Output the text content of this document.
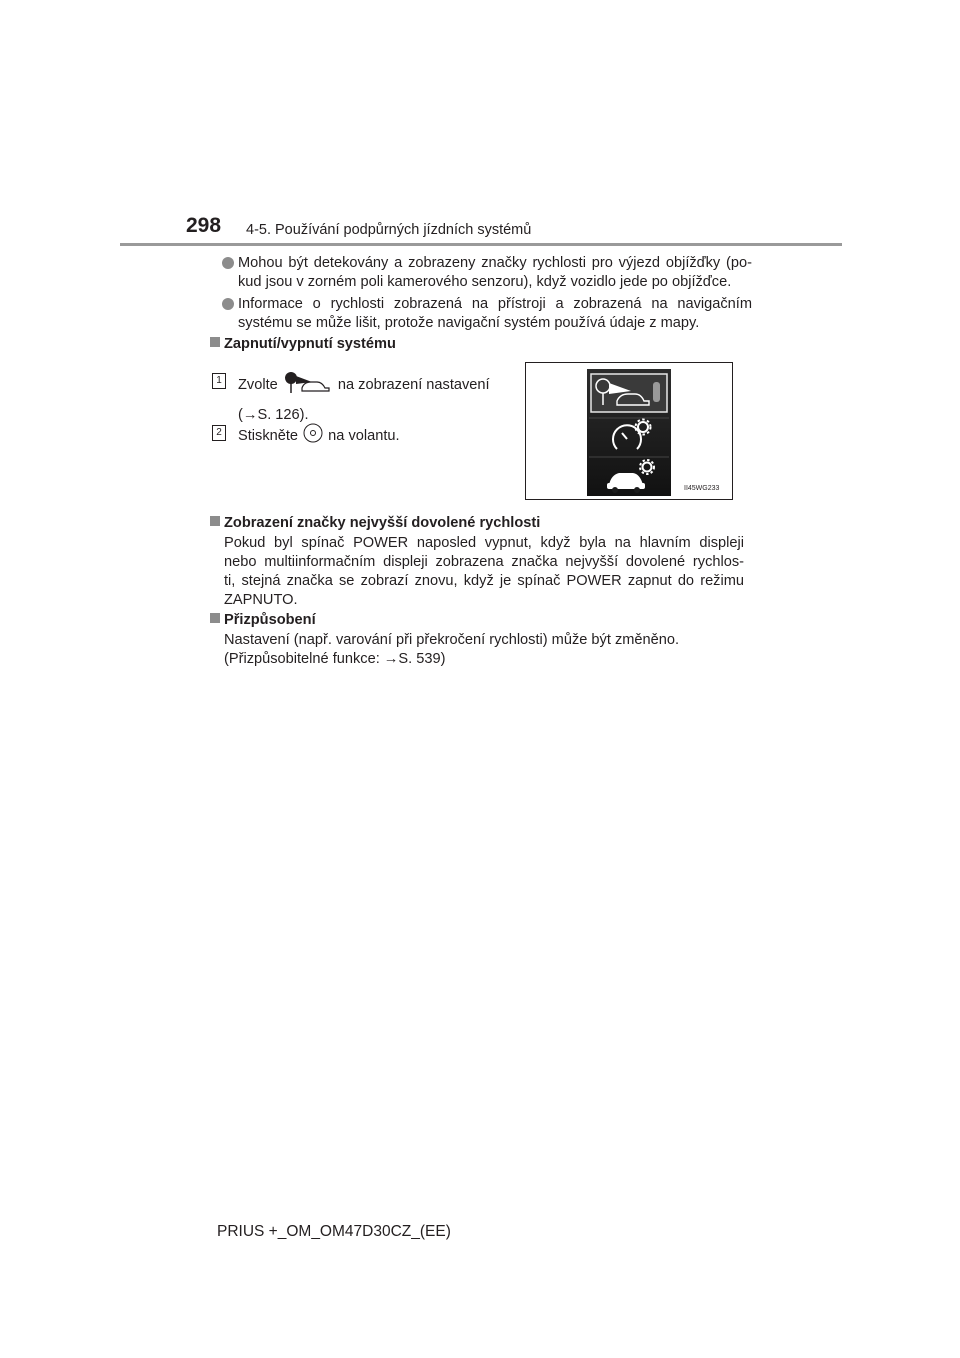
298 4-5. Používání podpůrných jízdních systémů
Mohou být detekovány a zobrazeny značky rychlosti pro výjezd objížďky (po-
kud jsou v zorném poli kamerového senzoru), když vozidlo jede po objížďce.
Informace o rychlosti zobrazená na přístroji a zobrazená na navigačním
systému se může lišit, protože navigační systém používá údaje z mapy.
Zapnutí/vypnutí systému
1 Zvolte	na zobrazení nastavení
(→S. 126).
2 Stiskněte na volantu.
II45WG233
Zobrazení značky nejvyšší dovolené rychlosti
Pokud byl spínač POWER naposled vypnut, když byla na hlavním displeji
nebo multiinformačním displeji zobrazena značka nejvyšší dovolené rychlos-
ti, stejná značka se zobrazí znovu, když je spínač POWER zapnut do režimu
ZAPNUTO.
Přizpůsobení
Nastavení (např. varování při překročení rychlosti) může být změněno.
(Přizpůsobitelné funkce: →S. 539)
PRIUS +_OM_OM47D30CZ_(EE)
